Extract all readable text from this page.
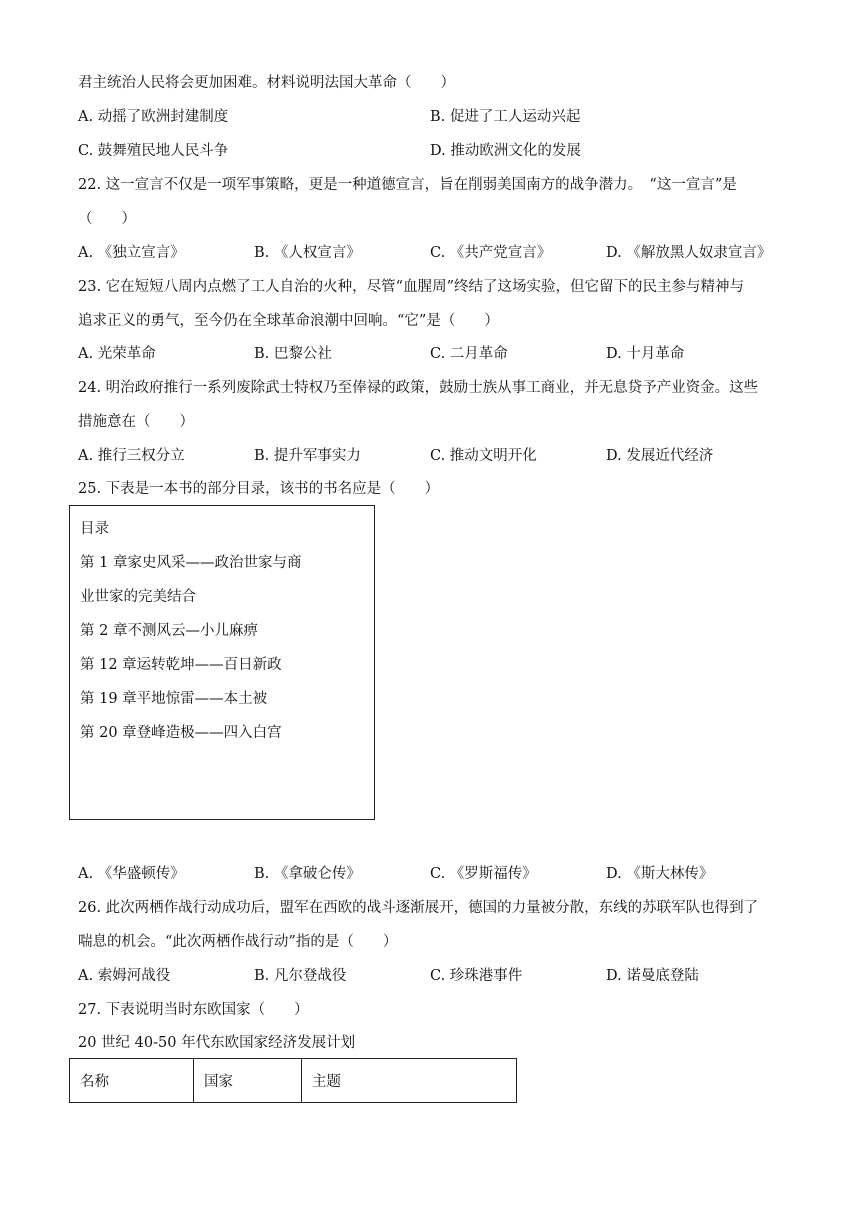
君主统治人民将会更加困难。材料说明法国大革命（　　）
A. 动摇了欧洲封建制度	B. 促进了工人运动兴起
C. 鼓舞殖民地人民斗争	D. 推动欧洲文化的发展
22. 这一宣言不仅是一项军事策略，更是一种道德宣言，旨在削弱美国南方的战争潜力。　“这一宣言”是
（　　）
A. 《独立宣言》	B. 《人权宣言》	C. 《共产党宣言》	D. 《解放黑人奴隶宣言》
23. 它在短短八周内点燃了工人自治的火种，尽管“血腥周”终结了这场实验，但它留下的民主参与精神与
追求正义的勇气，至今仍在全球革命浪潮中回响。“它”是（　　）
A. 光荣革命	B. 巴黎公社	C. 二月革命	D. 十月革命
24. 明治政府推行一系列废除武士特权乃至俸禄的政策，鼓励士族从事工商业，并无息贷予产业资金。这些
措施意在（　　）
A. 推行三权分立	B. 提升军事实力	C. 推动文明开化	D. 发展近代经济
25. 下表是一本书的部分目录，该书的书名应是（　　）
目录
第 1 章家史风采——政治世家与商
业世家的完美结合
第 2 章不测风云—小儿麻痹
第 12 章运转乾坤——百日新政
第 19 章平地惊雷——本土被
第 20 章登峰造极——四入白宫
A. 《华盛顿传》	B. 《拿破仑传》	C. 《罗斯福传》	D. 《斯大林传》
26. 此次两栖作战行动成功后，盟军在西欧的战斗逐渐展开，德国的力量被分散，东线的苏联军队也得到了
喘息的机会。“此次两栖作战行动”指的是（　　）
A. 索姆河战役	B. 凡尔登战役	C. 珍珠港事件	D. 诺曼底登陆
27. 下表说明当时东欧国家（　　）
20 世纪 40-50 年代东欧国家经济发展计划
名称	国家	主题
